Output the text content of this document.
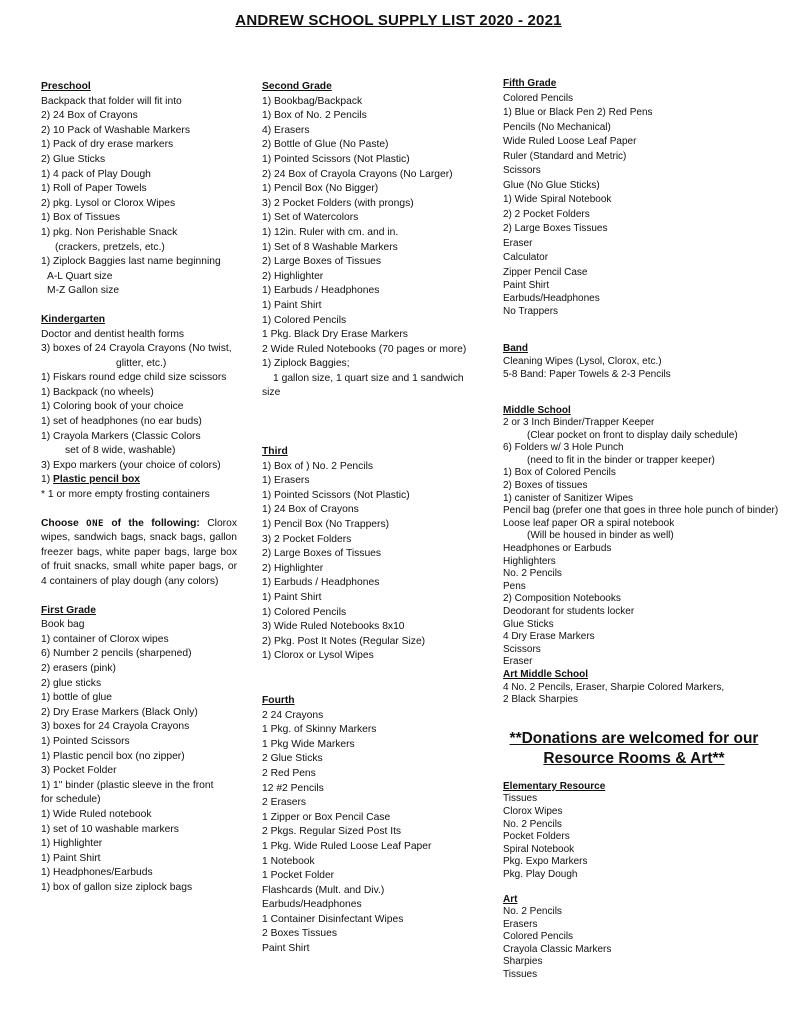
ANDREW SCHOOL SUPPLY LIST 2020 - 2021
Preschool
Backpack that folder will fit into
2) 24 Box of Crayons
2) 10 Pack of Washable Markers
1) Pack of dry erase markers
2) Glue Sticks
1) 4 pack of Play Dough
1) Roll of Paper Towels
2) pkg. Lysol or Clorox Wipes
1) Box of Tissues
1) pkg. Non Perishable Snack
(crackers, pretzels, etc.)
1) Ziplock Baggies last name beginning
A-L Quart size
M-Z Gallon size
Kindergarten
Doctor and dentist health forms
3) boxes of 24 Crayola Crayons (No twist,
glitter, etc.)
1) Fiskars round edge child size scissors
1) Backpack (no wheels)
1) Coloring book of your choice
1) set of headphones (no ear buds)
1) Crayola Markers (Classic Colors
set of 8 wide, washable)
3) Expo markers (your choice of colors)
1) Plastic pencil box
* 1 or more empty frosting containers
Choose ONE of the following: Clorox wipes, sandwich bags, snack bags, gallon freezer bags, white paper bags, large box of fruit snacks, small white paper bags, or 4 containers of play dough (any colors)
First Grade
Book bag
1) container of Clorox wipes
6) Number 2 pencils (sharpened)
2) erasers (pink)
2) glue sticks
1) bottle of glue
2) Dry Erase Markers (Black Only)
3) boxes for 24 Crayola Crayons
1) Pointed Scissors
1) Plastic pencil box (no zipper)
3) Pocket Folder
1) 1" binder (plastic sleeve in the front
for schedule)
1) Wide Ruled notebook
1) set of 10 washable markers
1) Highlighter
1) Paint Shirt
1) Headphones/Earbuds
1) box of gallon size ziplock bags
Second Grade
1) Bookbag/Backpack
1) Box of No. 2 Pencils
4) Erasers
2) Bottle of Glue (No Paste)
1) Pointed Scissors (Not Plastic)
2) 24 Box of Crayola Crayons (No Larger)
1) Pencil Box (No Bigger)
3) 2 Pocket Folders (with prongs)
1) Set of Watercolors
1) 12in. Ruler with cm. and in.
1) Set of 8 Washable Markers
2) Large Boxes of Tissues
2) Highlighter
1) Earbuds / Headphones
1) Paint Shirt
1) Colored Pencils
1 Pkg. Black Dry Erase Markers
2 Wide Ruled Notebooks (70 pages or more)
1) Ziplock Baggies;
1 gallon size, 1 quart size and 1 sandwich size
Third
1) Box of ) No. 2 Pencils
1) Erasers
1) Pointed Scissors (Not Plastic)
1) 24 Box of Crayons
1) Pencil Box (No Trappers)
3) 2 Pocket Folders
2) Large Boxes of Tissues
2) Highlighter
1) Earbuds / Headphones
1) Paint Shirt
1) Colored Pencils
3) Wide Ruled Notebooks 8x10
2) Pkg. Post It Notes (Regular Size)
1) Clorox or Lysol Wipes
Fourth
2 24 Crayons
1 Pkg. of Skinny Markers
1 Pkg Wide Markers
2 Glue Sticks
2 Red Pens
12 #2 Pencils
2 Erasers
1 Zipper or Box Pencil Case
2 Pkgs. Regular Sized Post Its
1 Pkg. Wide Ruled Loose Leaf Paper
1 Notebook
1 Pocket Folder
Flashcards (Mult. and Div.)
Earbuds/Headphones
1 Container Disinfectant Wipes
2 Boxes Tissues
Paint Shirt
Fifth Grade
Colored Pencils
1) Blue or Black Pen 2) Red Pens
Pencils (No Mechanical)
Wide Ruled Loose Leaf Paper
Ruler (Standard and Metric)
Scissors
Glue (No Glue Sticks)
1) Wide Spiral Notebook
2) 2 Pocket Folders
2) Large Boxes Tissues
Eraser
Calculator
Zipper Pencil Case
Paint Shirt
Earbuds/Headphones
No Trappers
Band
Cleaning Wipes (Lysol, Clorox, etc.)
5-8 Band: Paper Towels & 2-3 Pencils
Middle School
2 or 3 Inch Binder/Trapper Keeper
(Clear pocket on front to display daily schedule)
6) Folders w/ 3 Hole Punch
(need to fit in the binder or trapper keeper)
1) Box of Colored Pencils
2) Boxes of tissues
1) canister of Sanitizer Wipes
Pencil bag (prefer one that goes in three hole punch of binder)
Loose leaf paper OR a spiral notebook
(Will be housed in binder as well)
Headphones or Earbuds
Highlighters
No. 2 Pencils
Pens
2) Composition Notebooks
Deodorant for students locker
Glue Sticks
4 Dry Erase Markers
Scissors
Eraser
Art Middle School
4 No. 2 Pencils, Eraser, Sharpie Colored Markers,
2 Black Sharpies
**Donations are welcomed for our Resource Rooms & Art**
Elementary Resource
Tissues
Clorox Wipes
No. 2 Pencils
Pocket Folders
Spiral Notebook
Pkg. Expo Markers
Pkg. Play Dough
Art
No. 2 Pencils
Erasers
Colored Pencils
Crayola Classic Markers
Sharpies
Tissues
